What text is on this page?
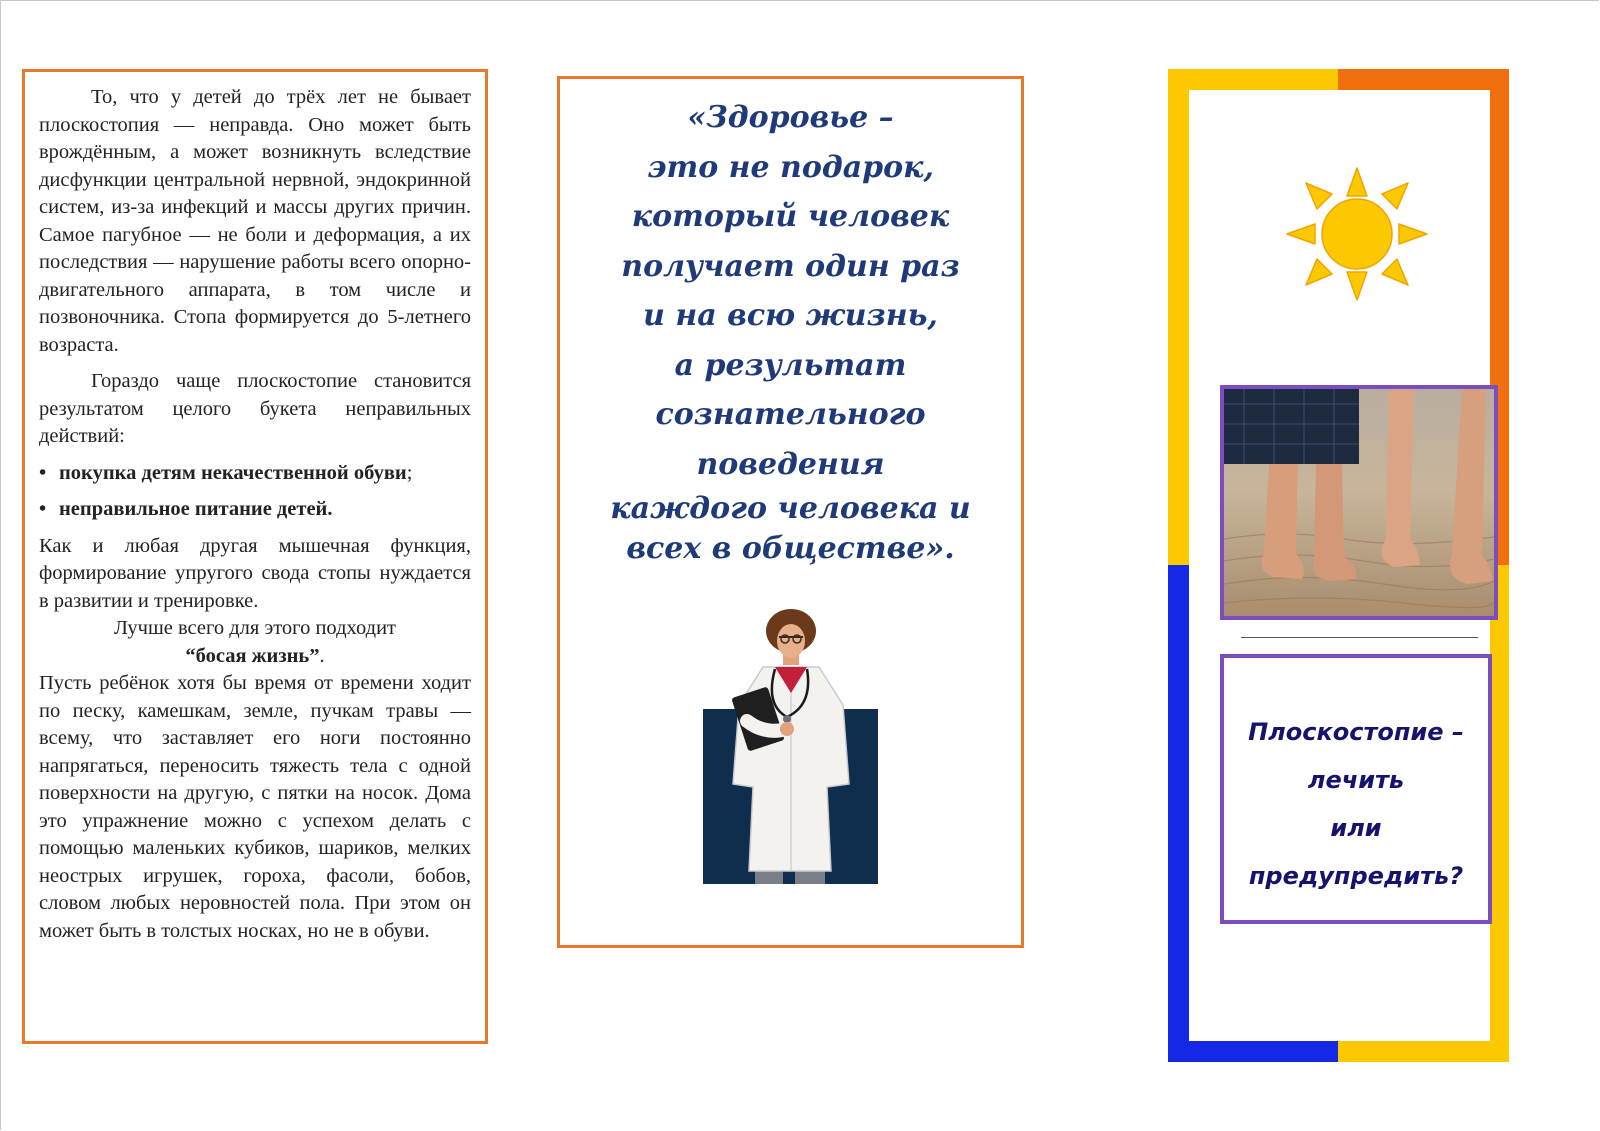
То, что у детей до трёх лет не бывает плоскостопия — неправда. Оно может быть врождённым, а может возникнуть вследствие дисфункции центральной нервной, эндокринной систем, из-за инфекций и массы других причин. Самое пагубное — не боли и деформация, а их последствия — нарушение работы всего опорно-двигательного аппарата, в том числе и позвоночника. Стопа формируется до 5-летнего возраста.

Гораздо чаще плоскостопие становится результатом целого букета неправильных действий:

• покупка детям некачественной обуви;
• неправильное питание детей.

Как и любая другая мышечная функция, формирование упругого свода стопы нуждается в развитии и тренировке.

Лучше всего для этого подходит
“босая жизнь”.

Пусть ребёнок хотя бы время от времени ходит по песку, камешкам, земле, пучкам травы — всему, что заставляет его ноги постоянно напрягаться, переносить тяжесть тела с одной поверхности на другую, с пятки на носок. Дома это упражнение можно с успехом делать с помощью маленьких кубиков, шариков, мелких неострых игрушек, гороха, фасоли, бобов, словом любых неровностей пола. При этом он может быть в толстых носках, но не в обуви.

«Здоровье –
это не подарок,
который человек
получает один раз
и на всю жизнь,
а результат
сознательного
поведения
каждого человека и
всех в обществе».
Плоскостопие –
лечить
или
предупредить?
